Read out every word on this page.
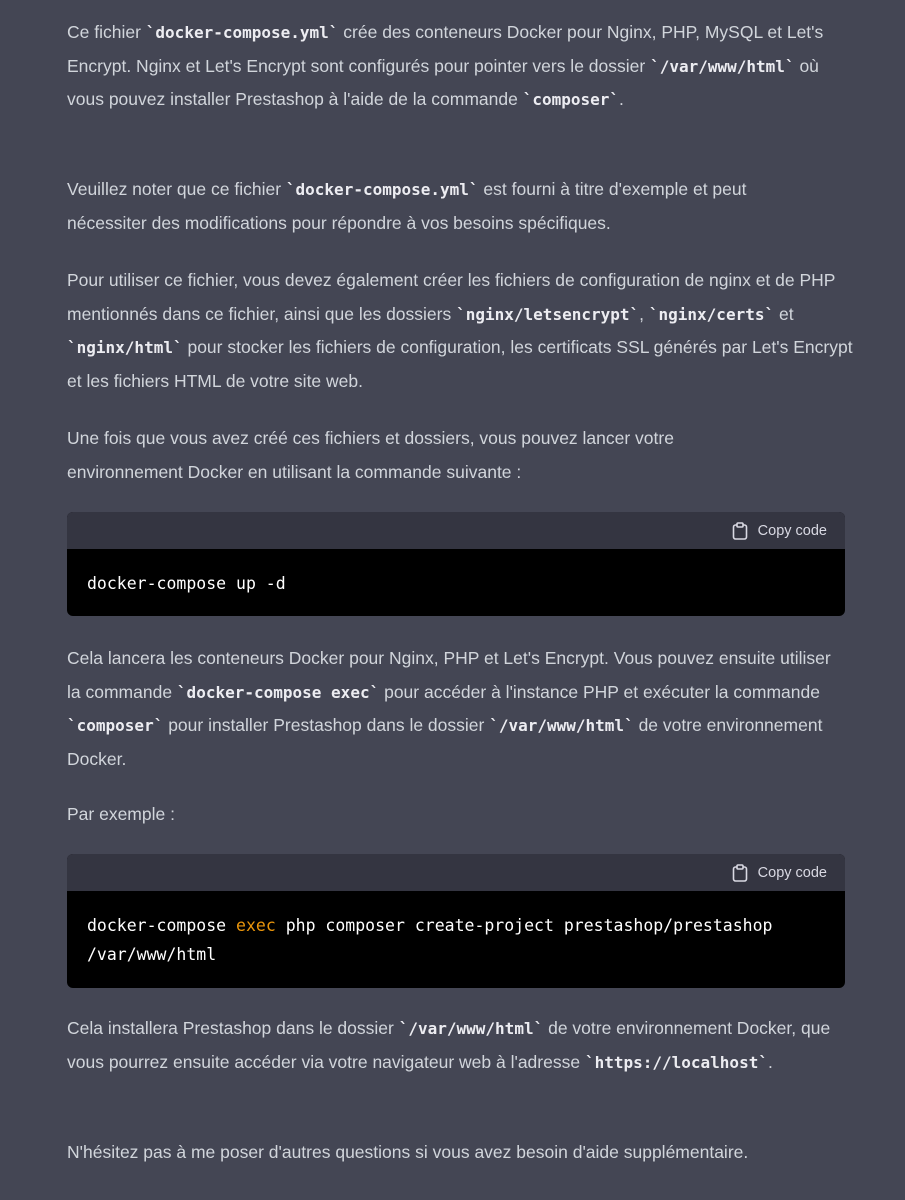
Ce fichier `docker-compose.yml` crée des conteneurs Docker pour Nginx, PHP, MySQL et Let's Encrypt. Nginx et Let's Encrypt sont configurés pour pointer vers le dossier `/var/www/html` où vous pouvez installer Prestashop à l'aide de la commande `composer`.

Veuillez noter que ce fichier `docker-compose.yml` est fourni à titre d'exemple et peut nécessiter des modifications pour répondre à vos besoins spécifiques.

Pour utiliser ce fichier, vous devez également créer les fichiers de configuration de nginx et de PHP mentionnés dans ce fichier, ainsi que les dossiers `nginx/letsencrypt`, `nginx/certs` et `nginx/html` pour stocker les fichiers de configuration, les certificats SSL générés par Let's Encrypt et les fichiers HTML de votre site web.

Une fois que vous avez créé ces fichiers et dossiers, vous pouvez lancer votre environnement Docker en utilisant la commande suivante :

Cela lancera les conteneurs Docker pour Nginx, PHP et Let's Encrypt. Vous pouvez ensuite utiliser la commande `docker-compose exec` pour accéder à l'instance PHP et exécuter la commande `composer` pour installer Prestashop dans le dossier `/var/www/html` de votre environnement Docker.

Par exemple :

Cela installera Prestashop dans le dossier `/var/www/html` de votre environnement Docker, que vous pourrez ensuite accéder via votre navigateur web à l'adresse `https://localhost`.

N'hésitez pas à me poser d'autres questions si vous avez besoin d'aide supplémentaire.

Copy code
docker-compose up -d
Copy code
docker-compose exec php composer create-project prestashop/prestashop
/var/www/html
